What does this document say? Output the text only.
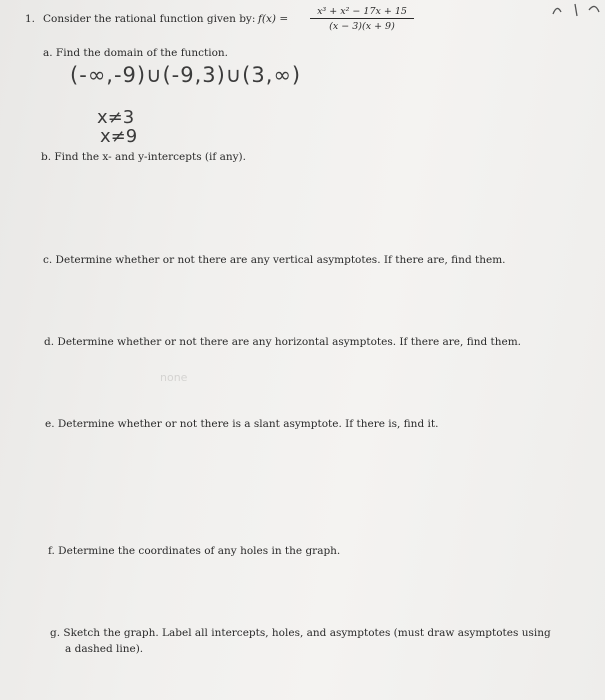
1. Consider the rational function given by: $f(x) = \frac{\text{x³ + x² − 17x + 15}}{(x - 3)(x + 9)}$

a. Find the domain of the function.

(-∞,-9)∪(-9,3)∪(3,∞)
x≠3
x≠9

b. Find the x- and y-intercepts (if any).

c. Determine whether or not there are any vertical asymptotes. If there are, find them.

d. Determine whether or not there are any horizontal asymptotes. If there are, find them.

none

e. Determine whether or not there is a slant asymptote. If there is, find it.

f. Determine the coordinates of any holes in the graph.

g. Sketch the graph. Label all intercepts, holes, and asymptotes (must draw asymptotes using

a dashed line).
